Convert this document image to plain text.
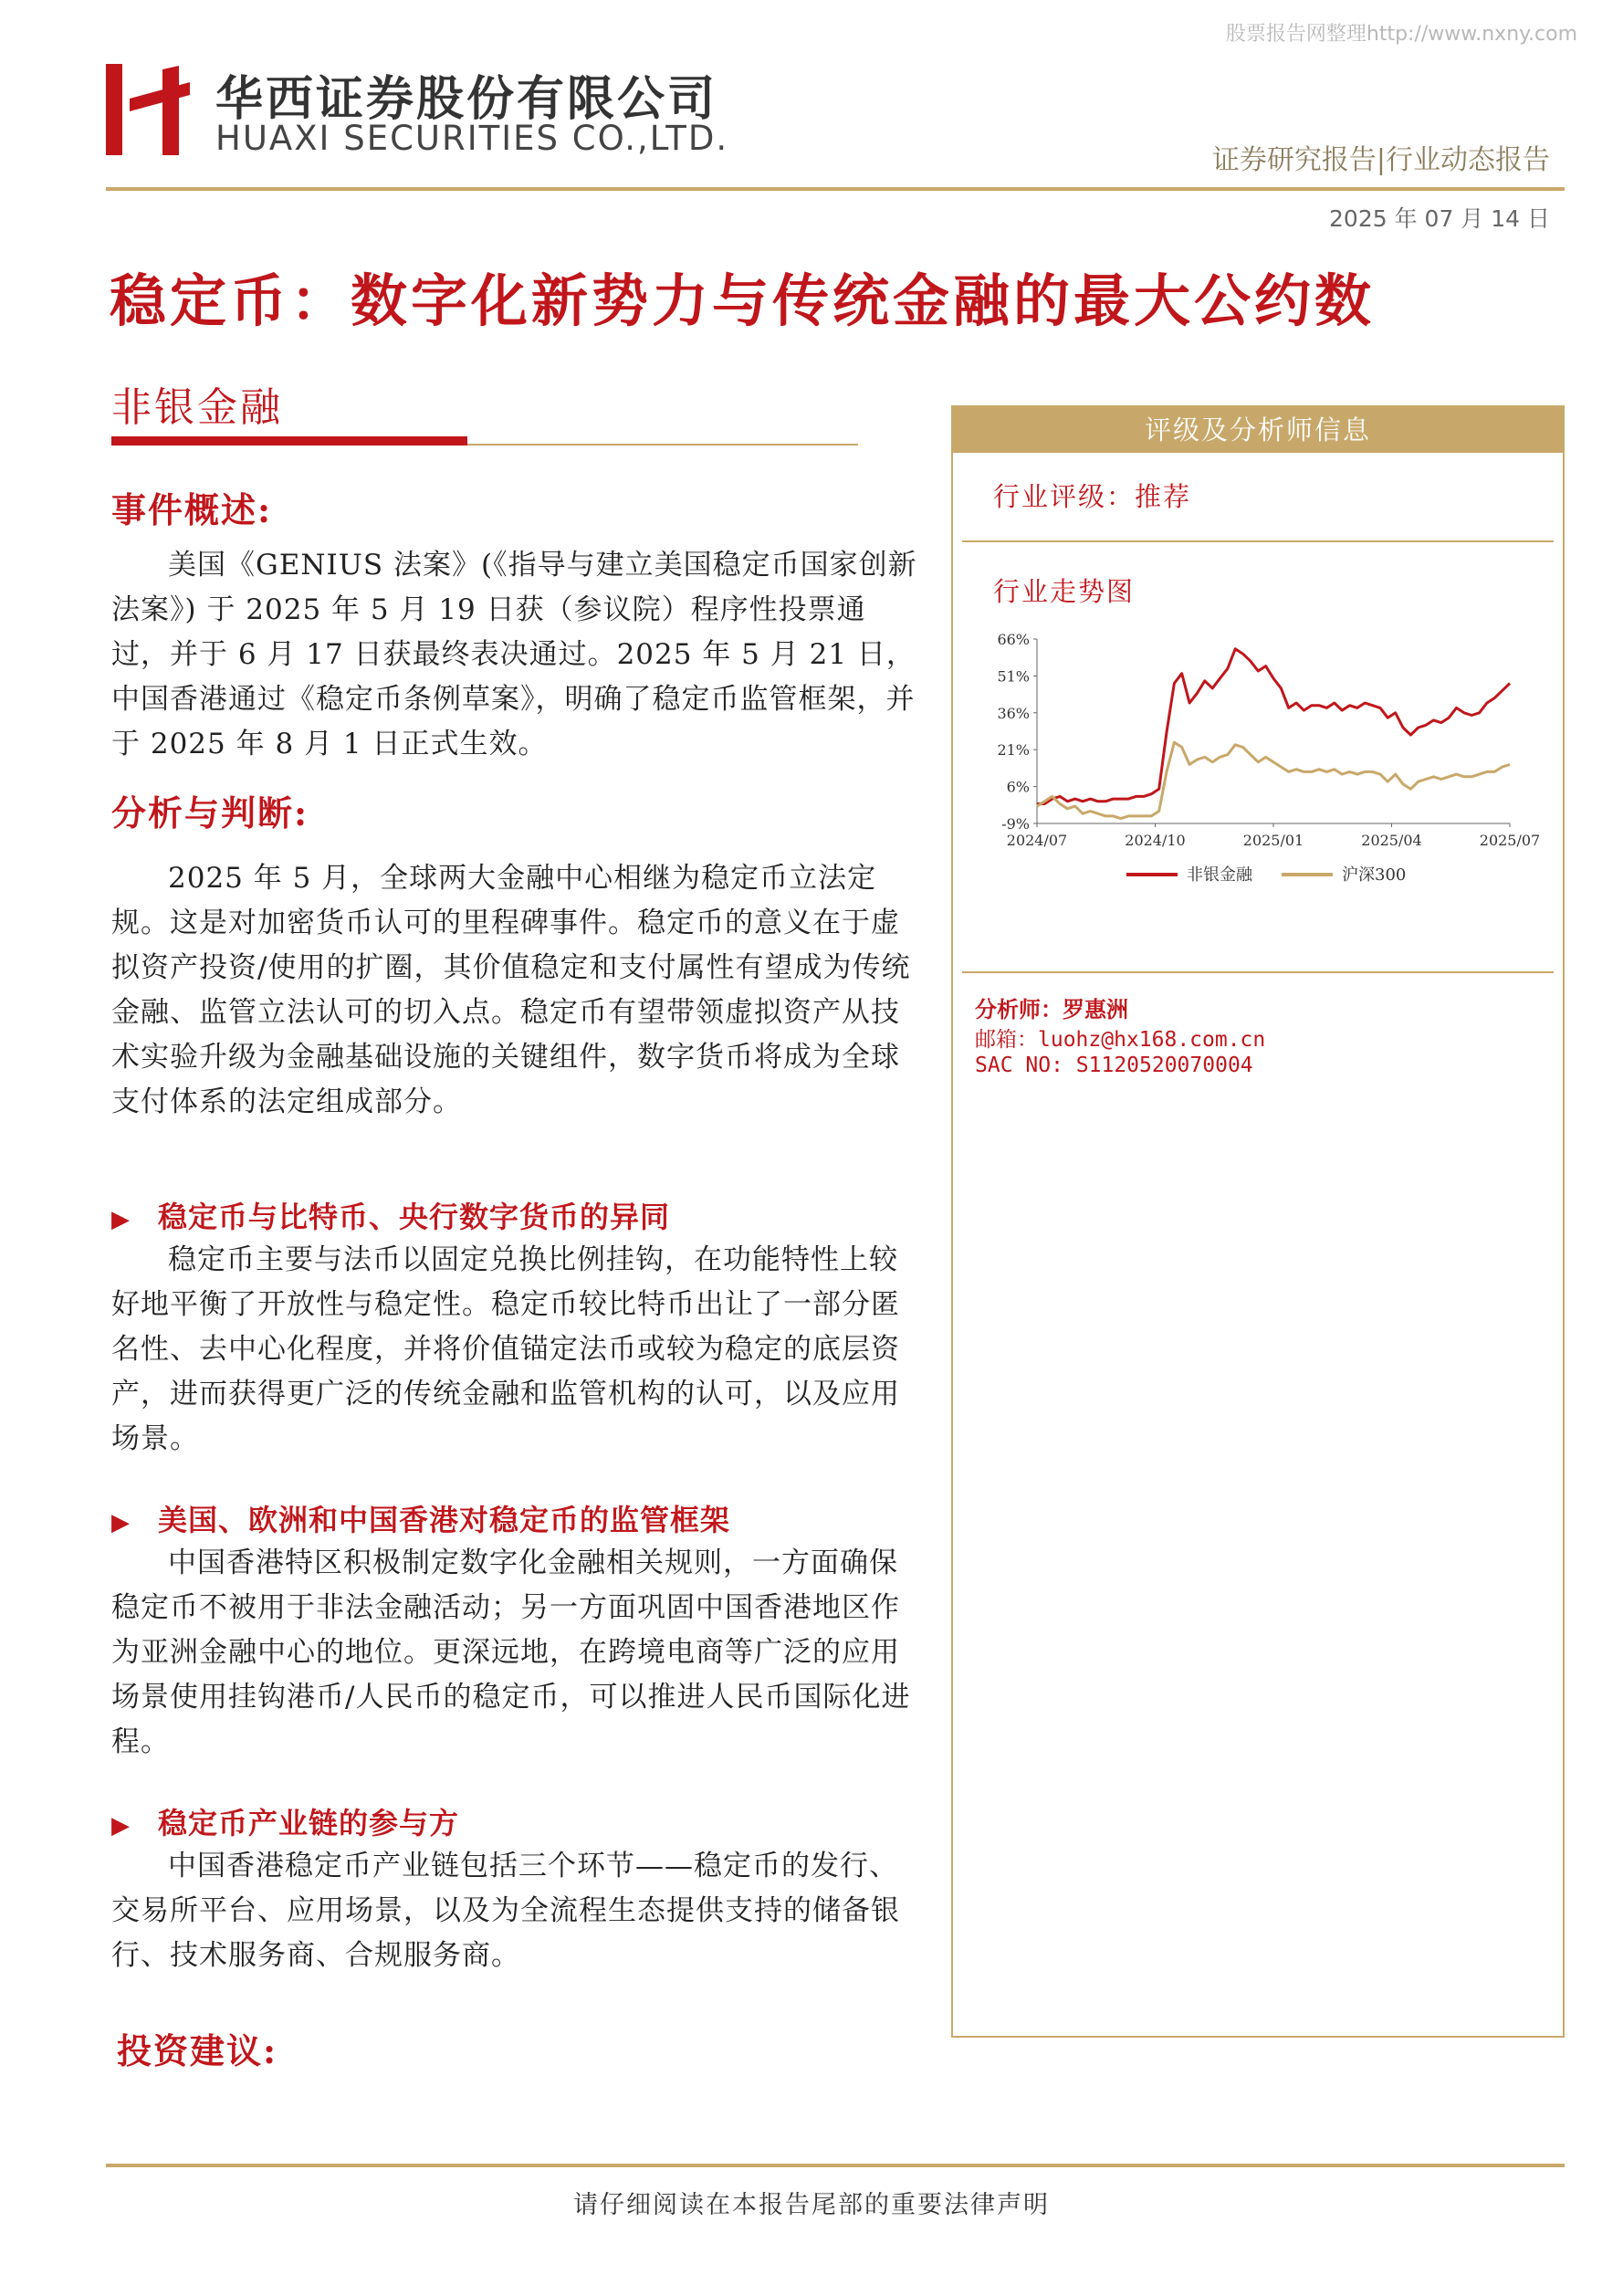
股票报告网整理http://www.nxny.com
华西证券股份有限公司
HUAXI SECURITIES CO.,LTD.
证券研究报告|行业动态报告
2025 年 07 月 14 日
稳定币：数字化新势力与传统金融的最大公约数
非银金融
事件概述:

美国《GENIUS 法案》(《指导与建立美国稳定币国家创新法案》) 于 2025 年 5 月 19 日获（参议院）程序性投票通过，并于 6 月 17 日获最终表决通过。2025 年 5 月 21 日，中国香港通过《稳定币条例草案》，明确了稳定币监管框架，并于 2025 年 8 月 1 日正式生效。

分析与判断:

2025 年 5 月，全球两大金融中心相继为稳定币立法定规。这是对加密货币认可的里程碑事件。稳定币的意义在于虚拟资产投资/使用的扩圈，其价值稳定和支付属性有望成为传统金融、监管立法认可的切入点。稳定币有望带领虚拟资产从技术实验升级为金融基础设施的关键组件，数字货币将成为全球支付体系的法定组成部分。

▶ 稳定币与比特币、央行数字货币的异同

稳定币主要与法币以固定兑换比例挂钩，在功能特性上较好地平衡了开放性与稳定性。稳定币较比特币出让了一部分匿名性、去中心化程度，并将价值锚定法币或较为稳定的底层资产，进而获得更广泛的传统金融和监管机构的认可，以及应用场景。

▶ 美国、欧洲和中国香港对稳定币的监管框架

中国香港特区积极制定数字化金融相关规则，一方面确保稳定币不被用于非法金融活动；另一方面巩固中国香港地区作为亚洲金融中心的地位。更深远地，在跨境电商等广泛的应用场景使用挂钩港币/人民币的稳定币，可以推进人民币国际化进程。

▶ 稳定币产业链的参与方

中国香港稳定币产业链包括三个环节——稳定币的发行、交易所平台、应用场景，以及为全流程生态提供支持的储备银行、技术服务商、合规服务商。

投资建议:
评级及分析师信息
行业评级：推荐
行业走势图
66%
51%
36%
21%
6%
-9%
2024/07	2024/10	2025/01	2025/04	2025/07
非银金融	沪深300
分析师：罗惠洲
邮箱：luohz@hx168.com.cn
SAC NO: S1120520070004
请仔细阅读在本报告尾部的重要法律声明
